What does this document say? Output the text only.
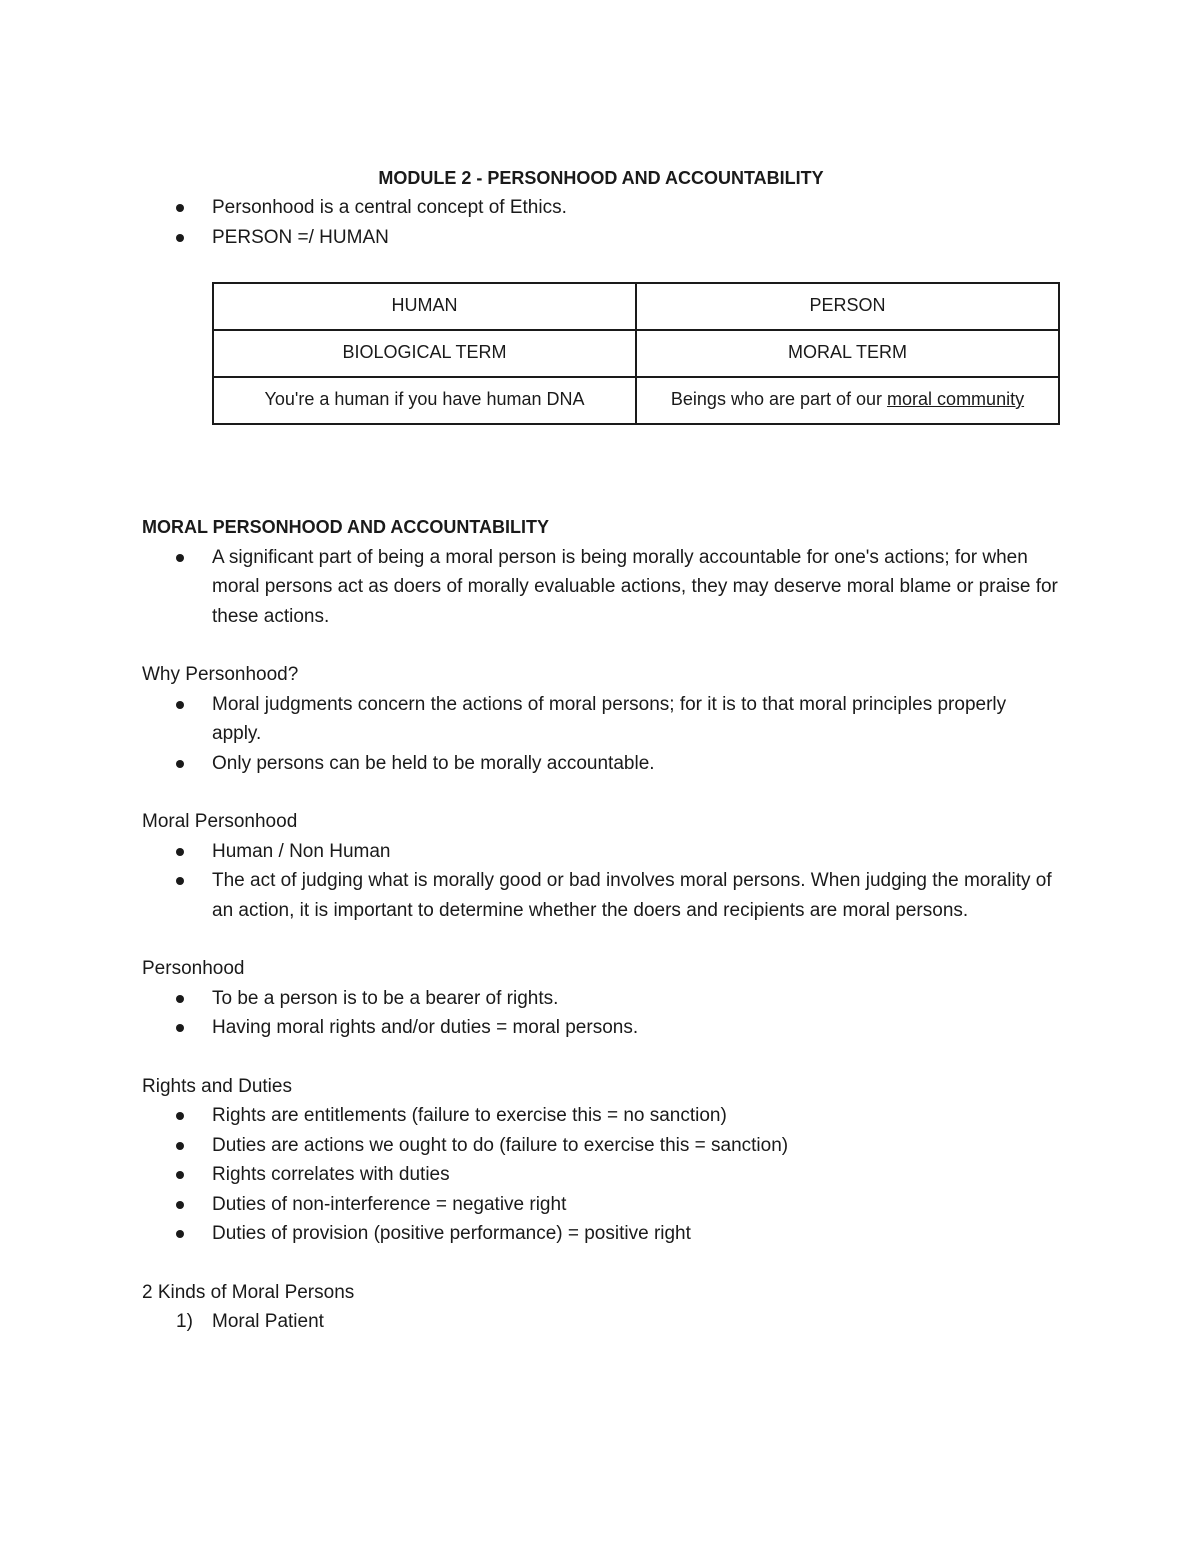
MODULE 2 - PERSONHOOD AND ACCOUNTABILITY
Personhood is a central concept of Ethics.
PERSON =/ HUMAN
HUMAN	PERSON
BIOLOGICAL TERM	MORAL TERM
You're a human if you have human DNA	Beings who are part of our moral community
MORAL PERSONHOOD AND ACCOUNTABILITY
A significant part of being a moral person is being morally accountable for one's actions; for when moral persons act as doers of morally evaluable actions, they may deserve moral blame or praise for these actions.
Why Personhood?
Moral judgments concern the actions of moral persons; for it is to that moral principles properly apply.
Only persons can be held to be morally accountable.
Moral Personhood
Human / Non Human
The act of judging what is morally good or bad involves moral persons. When judging the morality of an action, it is important to determine whether the doers and recipients are moral persons.
Personhood
To be a person is to be a bearer of rights.
Having moral rights and/or duties = moral persons.
Rights and Duties
Rights are entitlements (failure to exercise this = no sanction)
Duties are actions we ought to do (failure to exercise this = sanction)
Rights correlates with duties
Duties of non-interference = negative right
Duties of provision (positive performance) = positive right
2 Kinds of Moral Persons
1) Moral Patient
